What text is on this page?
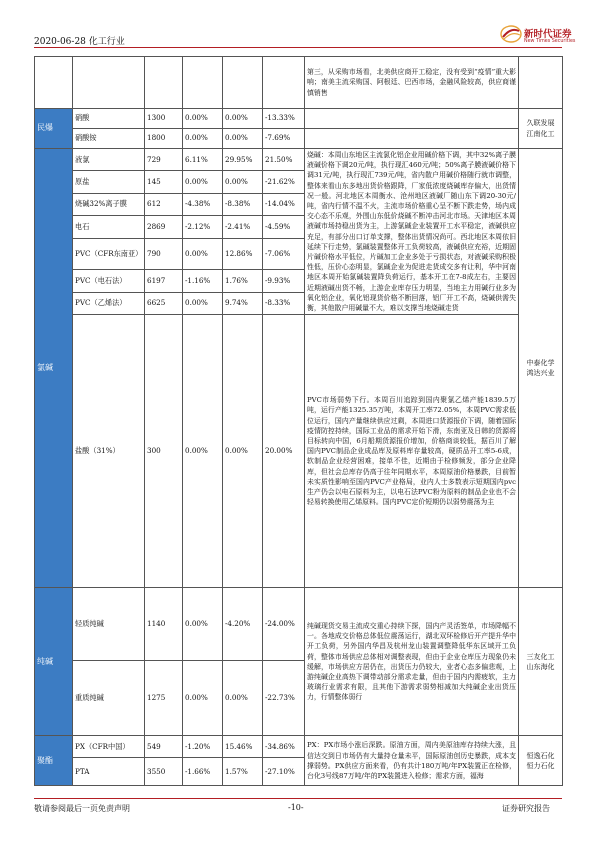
2020-06-28 化工行业
新时代证券
New Times Securities
						第三，从采购市场看，北美供应商开工稳定，没有受到“疫情”重大影响；南美主流采购国、阿根廷、巴西市场，金融风险较高，供应商谨慎销售	
民爆	硝酸	1300	0.00%	0.00%	-13.33%		久联发展
江南化工
	硝酸铵	1800	0.00%	0.00%	-7.69%		
氯碱	液氯	729	6.11%	29.95%	21.50%	烧碱：本周山东地区主流氯化铝企业用碱价格下调，其中32%离子膜液碱价格下调20元/吨，执行现汇460元/吨；50%离子膜液碱价格下调31元/吨，执行现汇739元/吨，省内散户用碱价格随行就市调整，整体来看山东多地出货价格跟降，厂家低浓度烧碱库存偏大，出货情况一般。河北地区本周衡水、沧州地区液碱厂随山东下调20-30元/吨，省内行情不温不火，主流市场价格重心呈不断下跌走势，场内成交心态不乐观，外围山东低价烧碱不断冲击河北市场。天津地区本周液碱市场持稳出货为主，上游氯碱企业装置开工水平稳定，液碱供应充足，有部分出口订单支撑，整体出货情况尚可。西北地区本周依旧延续下行走势，氯碱装置整体开工负荷较高，液碱供应充裕，近期固片碱价格水平低位，片碱加工企业多处于亏损状态，对液碱采购积极性低，压价心态明显，氯碱企业为促进走货成交多有让利，华中河南地区本周开始氯碱装置降负荷运行，基本开工在7-8成左右，主要因近期液碱出货不畅，上游企业库存压力明显，当地主力用碱行业多为氧化铝企业，氧化铝现货价格不断回落，铝厂开工不高，烧碱供需失衡，其他散户用碱量不大，难以支撑当地烧碱走货	中泰化学
鸿达兴业
	原盐	145	0.00%	0.00%	-21.62%		
	烧碱32%离子膜	612	-4.38%	-8.38%	-14.04%		
	电石	2869	-2.12%	-2.41%	-4.59%		
	PVC（CFR东南亚）	790	0.00%	12.86%	-7.06%		
	PVC（电石法）	6197	-1.16%	1.76%	-9.93%		
	PVC（乙烯法）	6625	0.00%	9.74%	-8.33%		
	盐酸（31%）	300	0.00%	0.00%	20.00%	PVC市场弱势下行。本周百川追踪到国内聚氯乙烯产能1839.5万吨，运行产能1325.35万吨，本周开工率72.05%，本周PVC需求低位运行，国内产量继续供应过剩，本周进口货源报价下调，随着国际疫情防控持续，国际工业品的需求开始下滑，东南亚及日韩的货源将目标转向中国，6月船期货源报价增加，价格商谈较低，据百川了解国内PVC制品企业成品库及原料库存量较高，硬质品开工率5-6成，软制品企业经营困难，接单不佳，近期由于检修频发，部分企业降库，但社会总库存仍高于往年同期水平，本周原油价格暴跌，目前暂未实质性影响至国内PVC产业格局，业内人士多数表示短期国内pvc生产仍会以电石原料为主，以电石法PVC粉为原料的制品企业也不会轻易转换使用乙烯原料。国内PVC定价短期仍以弱势震荡为主	
纯碱	轻质纯碱	1140	0.00%	-4.20%	-24.00%	纯碱现货交易主流成交重心持续下探，国内产灵活签单，市场降幅不一。各地成交价格总体低位震荡运行，湖北双环检修后开产提升华中开工负荷，另外国内华昌及杭州龙山装置调整降低华东区域开工负荷，整体市场供应总体相对调整表现，但由于企业仓库压力现象仍未缓解，市场供应方居仍在，出货压力仍较大，业者心态多偏悲观，上游纯碱企业高热下调带动部分需求走量，但由于国内内需疲软，主力玻璃行业需求有限，且其他下游需求弱势相减加大纯碱企业出货压力，行情整体弱行	三友化工
山东海化
	重质纯碱	1275	0.00%	0.00%	-22.73%		
聚酯	PX（CFR中国）	549	-1.20%	15.46%	-34.86%	PX：PX市场小涨后深跌。原油方面，周内美原油库存持续大涨，且信达交到日市场仍有大量持仓量未平，国际原油创历史暴跌，成本支撑弱势。PX供应方面来看，仍有共计180万吨/年PX装置正在检修，台化3号线87万吨/年的PX装置进入检修；需求方面，福海	恒逸石化
恒力石化
	PTA	3550	-1.66%	1.57%	-27.10%		
敬请参阅最后一页免责声明	-10-	证券研究报告
